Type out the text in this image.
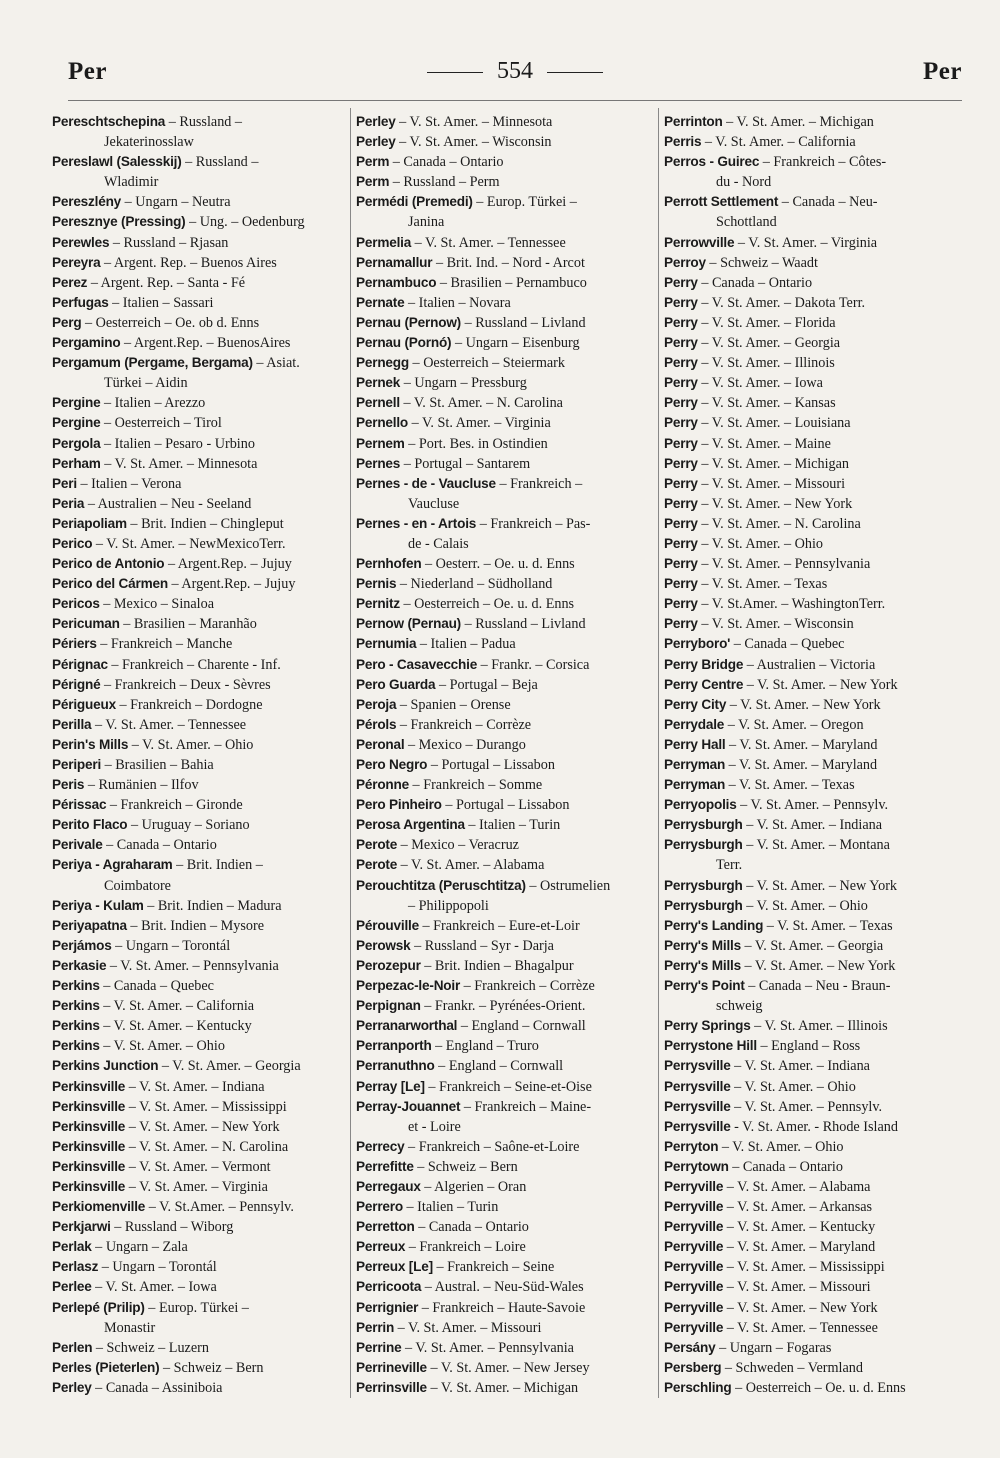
Per	554	Per
Pereschtschepina – Russland –
Jekaterinosslaw
Pereslawl (Salesskij) – Russland –
Wladimir
Pereszlény – Ungarn – Neutra
Peresznye (Pressing) – Ung. – Oedenburg
Perewles – Russland – Rjasan
Pereyra – Argent. Rep. – Buenos Aires
Perez – Argent. Rep. – Santa - Fé
Perfugas – Italien – Sassari
Perg – Oesterreich – Oe. ob d. Enns
Pergamino – Argent.Rep. – BuenosAires
Pergamum (Pergame, Bergama) – Asiat.
Türkei – Aidin
Pergine – Italien – Arezzo
Pergine – Oesterreich – Tirol
Pergola – Italien – Pesaro - Urbino
Perham – V. St. Amer. – Minnesota
Peri – Italien – Verona
Peria – Australien – Neu - Seeland
Periapoliam – Brit. Indien – Chingleput
Perico – V. St. Amer. – NewMexicoTerr.
Perico de Antonio – Argent.Rep. – Jujuy
Perico del Cármen – Argent.Rep. – Jujuy
Pericos – Mexico – Sinaloa
Pericuman – Brasilien – Maranhão
Périers – Frankreich – Manche
Pérignac – Frankreich – Charente - Inf.
Périgné – Frankreich – Deux - Sèvres
Périgueux – Frankreich – Dordogne
Perilla – V. St. Amer. – Tennessee
Perin's Mills – V. St. Amer. – Ohio
Periperi – Brasilien – Bahia
Peris – Rumänien – Ilfov
Périssac – Frankreich – Gironde
Perito Flaco – Uruguay – Soriano
Perivale – Canada – Ontario
Periya - Agraharam – Brit. Indien –
Coimbatore
Periya - Kulam – Brit. Indien – Madura
Periyapatna – Brit. Indien – Mysore
Perjámos – Ungarn – Torontál
Perkasie – V. St. Amer. – Pennsylvania
Perkins – Canada – Quebec
Perkins – V. St. Amer. – California
Perkins – V. St. Amer. – Kentucky
Perkins – V. St. Amer. – Ohio
Perkins Junction – V. St. Amer. – Georgia
Perkinsville – V. St. Amer. – Indiana
Perkinsville – V. St. Amer. – Mississippi
Perkinsville – V. St. Amer. – New York
Perkinsville – V. St. Amer. – N. Carolina
Perkinsville – V. St. Amer. – Vermont
Perkinsville – V. St. Amer. – Virginia
Perkiomenville – V. St.Amer. – Pennsylv.
Perkjarwi – Russland – Wiborg
Perlak – Ungarn – Zala
Perlasz – Ungarn – Torontál
Perlee – V. St. Amer. – Iowa
Perlepé (Prilip) – Europ. Türkei –
Monastir
Perlen – Schweiz – Luzern
Perles (Pieterlen) – Schweiz – Bern
Perley – Canada – Assiniboia
Perley – V. St. Amer. – Minnesota
Perley – V. St. Amer. – Wisconsin
Perm – Canada – Ontario
Perm – Russland – Perm
Permédi (Premedi) – Europ. Türkei –
Janina
Permelia – V. St. Amer. – Tennessee
Pernamallur – Brit. Ind. – Nord - Arcot
Pernambuco – Brasilien – Pernambuco
Pernate – Italien – Novara
Pernau (Pernow) – Russland – Livland
Pernau (Pornó) – Ungarn – Eisenburg
Pernegg – Oesterreich – Steiermark
Pernek – Ungarn – Pressburg
Pernell – V. St. Amer. – N. Carolina
Pernello – V. St. Amer. – Virginia
Pernem – Port. Bes. in Ostindien
Pernes – Portugal – Santarem
Pernes - de - Vaucluse – Frankreich –
Vaucluse
Pernes - en - Artois – Frankreich – Pas-
de - Calais
Pernhofen – Oesterr. – Oe. u. d. Enns
Pernis – Niederland – Südholland
Pernitz – Oesterreich – Oe. u. d. Enns
Pernow (Pernau) – Russland – Livland
Pernumia – Italien – Padua
Pero - Casavecchie – Frankr. – Corsica
Pero Guarda – Portugal – Beja
Peroja – Spanien – Orense
Pérols – Frankreich – Corrèze
Peronal – Mexico – Durango
Pero Negro – Portugal – Lissabon
Péronne – Frankreich – Somme
Pero Pinheiro – Portugal – Lissabon
Perosa Argentina – Italien – Turin
Perote – Mexico – Veracruz
Perote – V. St. Amer. – Alabama
Perouchtitza (Peruschtitza) – Ostrumelien
– Philippopoli
Pérouville – Frankreich – Eure-et-Loir
Perowsk – Russland – Syr - Darja
Perozepur – Brit. Indien – Bhagalpur
Perpezac-le-Noir – Frankreich – Corrèze
Perpignan – Frankr. – Pyrénées-Orient.
Perranarworthal – England – Cornwall
Perranporth – England – Truro
Perranuthno – England – Cornwall
Perray [Le] – Frankreich – Seine-et-Oise
Perray-Jouannet – Frankreich – Maine-
et - Loire
Perrecy – Frankreich – Saône-et-Loire
Perrefitte – Schweiz – Bern
Perregaux – Algerien – Oran
Perrero – Italien – Turin
Perretton – Canada – Ontario
Perreux – Frankreich – Loire
Perreux [Le] – Frankreich – Seine
Perricoota – Austral. – Neu-Süd-Wales
Perrignier – Frankreich – Haute-Savoie
Perrin – V. St. Amer. – Missouri
Perrine – V. St. Amer. – Pennsylvania
Perrineville – V. St. Amer. – New Jersey
Perrinsville – V. St. Amer. – Michigan
Perrinton – V. St. Amer. – Michigan
Perris – V. St. Amer. – California
Perros - Guirec – Frankreich – Côtes-
du - Nord
Perrott Settlement – Canada – Neu-
Schottland
Perrowville – V. St. Amer. – Virginia
Perroy – Schweiz – Waadt
Perry – Canada – Ontario
Perry – V. St. Amer. – Dakota Terr.
Perry – V. St. Amer. – Florida
Perry – V. St. Amer. – Georgia
Perry – V. St. Amer. – Illinois
Perry – V. St. Amer. – Iowa
Perry – V. St. Amer. – Kansas
Perry – V. St. Amer. – Louisiana
Perry – V. St. Amer. – Maine
Perry – V. St. Amer. – Michigan
Perry – V. St. Amer. – Missouri
Perry – V. St. Amer. – New York
Perry – V. St. Amer. – N. Carolina
Perry – V. St. Amer. – Ohio
Perry – V. St. Amer. – Pennsylvania
Perry – V. St. Amer. – Texas
Perry – V. St.Amer. – WashingtonTerr.
Perry – V. St. Amer. – Wisconsin
Perryboro' – Canada – Quebec
Perry Bridge – Australien – Victoria
Perry Centre – V. St. Amer. – New York
Perry City – V. St. Amer. – New York
Perrydale – V. St. Amer. – Oregon
Perry Hall – V. St. Amer. – Maryland
Perryman – V. St. Amer. – Maryland
Perryman – V. St. Amer. – Texas
Perryopolis – V. St. Amer. – Pennsylv.
Perrysburgh – V. St. Amer. – Indiana
Perrysburgh – V. St. Amer. – Montana
Terr.
Perrysburgh – V. St. Amer. – New York
Perrysburgh – V. St. Amer. – Ohio
Perry's Landing – V. St. Amer. – Texas
Perry's Mills – V. St. Amer. – Georgia
Perry's Mills – V. St. Amer. – New York
Perry's Point – Canada – Neu - Braun-
schweig
Perry Springs – V. St. Amer. – Illinois
Perrystone Hill – England – Ross
Perrysville – V. St. Amer. – Indiana
Perrysville – V. St. Amer. – Ohio
Perrysville – V. St. Amer. – Pennsylv.
Perrysville - V. St. Amer. - Rhode Island
Perryton – V. St. Amer. – Ohio
Perrytown – Canada – Ontario
Perryville – V. St. Amer. – Alabama
Perryville – V. St. Amer. – Arkansas
Perryville – V. St. Amer. – Kentucky
Perryville – V. St. Amer. – Maryland
Perryville – V. St. Amer. – Mississippi
Perryville – V. St. Amer. – Missouri
Perryville – V. St. Amer. – New York
Perryville – V. St. Amer. – Tennessee
Persány – Ungarn – Fogaras
Persberg – Schweden – Vermland
Perschling – Oesterreich – Oe. u. d. Enns
